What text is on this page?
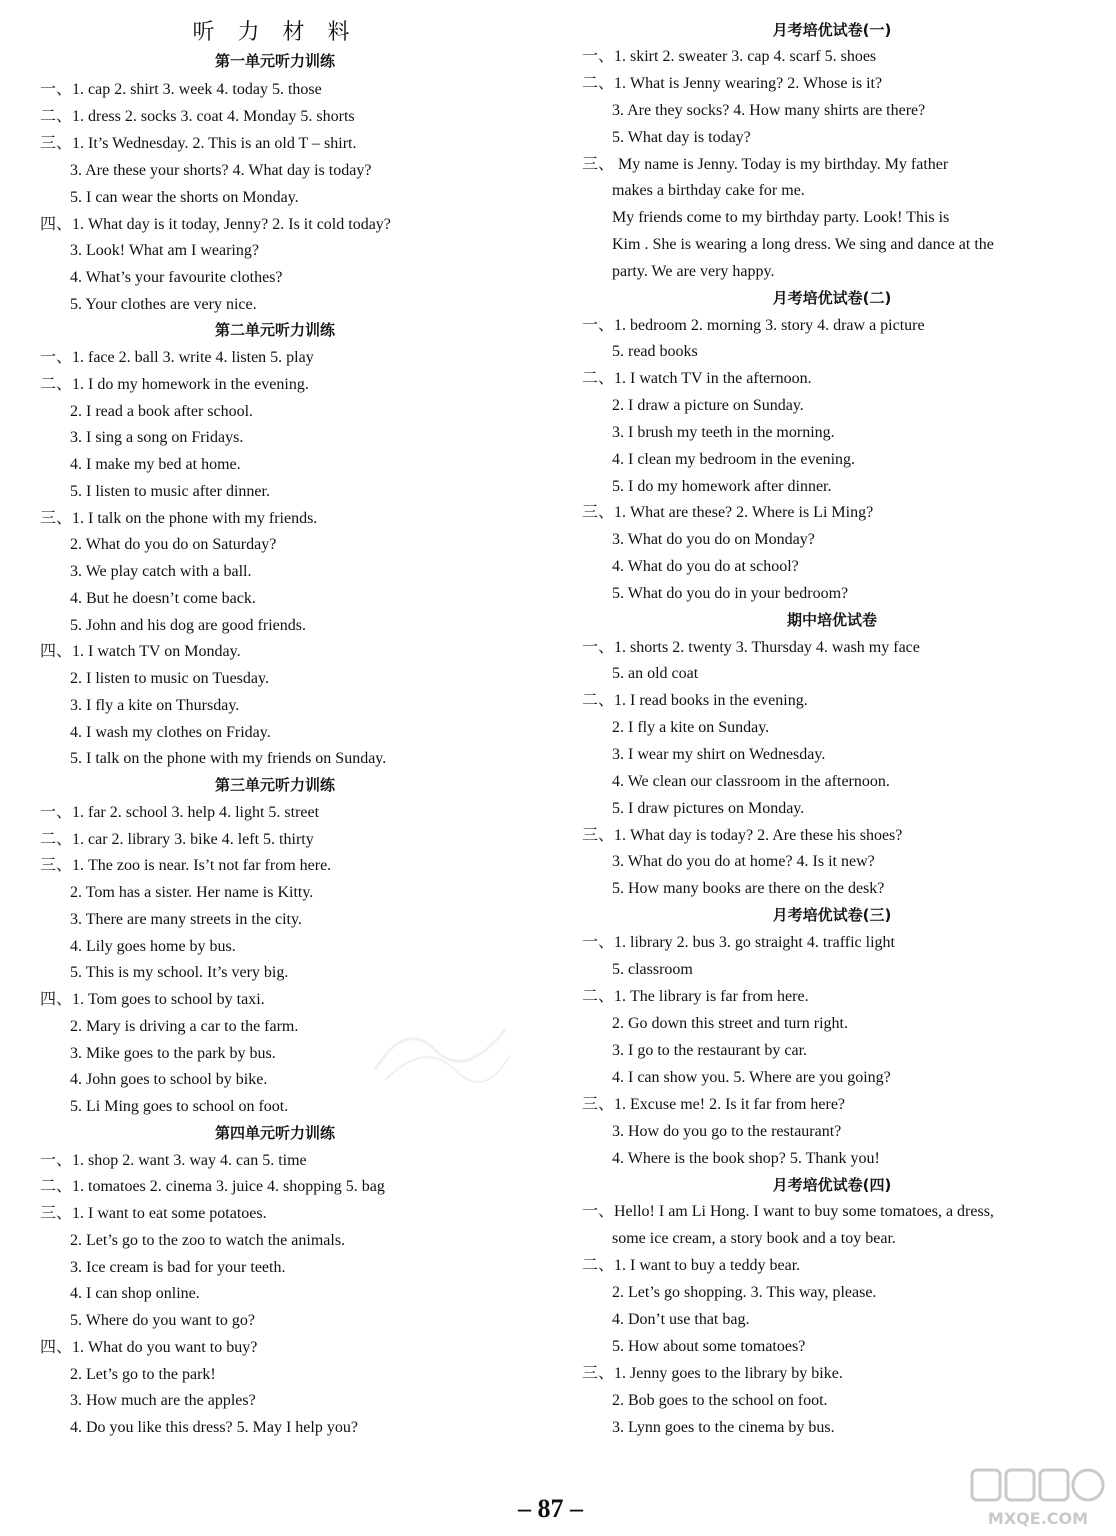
听 力 材 料
第一单元听力训练
一、1. cap 2. shirt 3. week 4. today 5. those
二、1. dress 2. socks 3. coat 4. Monday 5. shorts
三、1. It’s Wednesday. 2. This is an old T – shirt.
3. Are these your shorts? 4. What day is today?
5. I can wear the shorts on Monday.
四、1. What day is it today, Jenny? 2. Is it cold today?
3. Look! What am I wearing?
4. What’s your favourite clothes?
5. Your clothes are very nice.
第二单元听力训练
一、1. face 2. ball 3. write 4. listen 5. play
二、1. I do my homework in the evening.
2. I read a book after school.
3. I sing a song on Fridays.
4. I make my bed at home.
5. I listen to music after dinner.
三、1. I talk on the phone with my friends.
2. What do you do on Saturday?
3. We play catch with a ball.
4. But he doesn’t come back.
5. John and his dog are good friends.
四、1. I watch TV on Monday.
2. I listen to music on Tuesday.
3. I fly a kite on Thursday.
4. I wash my clothes on Friday.
5. I talk on the phone with my friends on Sunday.
第三单元听力训练
一、1. far 2. school 3. help 4. light 5. street
二、1. car 2. library 3. bike 4. left 5. thirty
三、1. The zoo is near. Is’t not far from here.
2. Tom has a sister. Her name is Kitty.
3. There are many streets in the city.
4. Lily goes home by bus.
5. This is my school. It’s very big.
四、1. Tom goes to school by taxi.
2. Mary is driving a car to the farm.
3. Mike goes to the park by bus.
4. John goes to school by bike.
5. Li Ming goes to school on foot.
第四单元听力训练
一、1. shop 2. want 3. way 4. can 5. time
二、1. tomatoes 2. cinema 3. juice 4. shopping 5. bag
三、1. I want to eat some potatoes.
2. Let’s go to the zoo to watch the animals.
3. Ice cream is bad for your teeth.
4. I can shop online.
5. Where do you want to go?
四、1. What do you want to buy?
2. Let’s go to the park!
3. How much are the apples?
4. Do you like this dress? 5. May I help you?
月考培优试卷(一)
一、1. skirt 2. sweater 3. cap 4. scarf 5. shoes
二、1. What is Jenny wearing? 2. Whose is it?
3. Are they socks? 4. How many shirts are there?
5. What day is today?
三、 My name is Jenny. Today is my birthday. My father
makes a birthday cake for me.
My friends come to my birthday party. Look! This is
Kim . She is wearing a long dress. We sing and dance at the
party. We are very happy.
月考培优试卷(二)
一、1. bedroom 2. morning 3. story 4. draw a picture
5. read books
二、1. I watch TV in the afternoon.
2. I draw a picture on Sunday.
3. I brush my teeth in the morning.
4. I clean my bedroom in the evening.
5. I do my homework after dinner.
三、1. What are these? 2. Where is Li Ming?
3. What do you do on Monday?
4. What do you do at school?
5. What do you do in your bedroom?
期中培优试卷
一、1. shorts 2. twenty 3. Thursday 4. wash my face
5. an old coat
二、1. I read books in the evening.
2. I fly a kite on Sunday.
3. I wear my shirt on Wednesday.
4. We clean our classroom in the afternoon.
5. I draw pictures on Monday.
三、1. What day is today? 2. Are these his shoes?
3. What do you do at home? 4. Is it new?
5. How many books are there on the desk?
月考培优试卷(三)
一、1. library 2. bus 3. go straight 4. traffic light
5. classroom
二、1. The library is far from here.
2. Go down this street and turn right.
3. I go to the restaurant by car.
4. I can show you. 5. Where are you going?
三、1. Excuse me! 2. Is it far from here?
3. How do you go to the restaurant?
4. Where is the book shop? 5. Thank you!
月考培优试卷(四)
一、Hello! I am Li Hong. I want to buy some tomatoes, a dress,
some ice cream, a story book and a toy bear.
二、1. I want to buy a teddy bear.
2. Let’s go shopping. 3. This way, please.
4. Don’t use that bag.
5. How about some tomatoes?
三、1. Jenny goes to the library by bike.
2. Bob goes to the school on foot.
3. Lynn goes to the cinema by bus.
– 87 –	MXQE.COM
